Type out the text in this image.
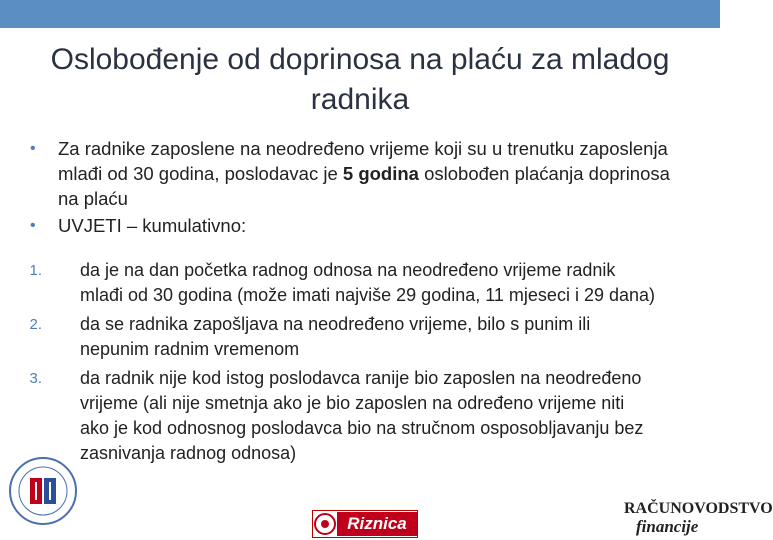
Oslobođenje od doprinosa na plaću za mladog radnika
• Za radnike zaposlene na neodređeno vrijeme koji su u trenutku zaposlenja mlađi od 30 godina, poslodavac je 5 godina oslobođen plaćanja doprinosa na plaću
• UVJETI – kumulativno:
1. da je na dan početka radnog odnosa na neodređeno vrijeme radnik mlađi od 30 godina (može imati najviše 29 godina, 11 mjeseci i 29 dana)
2. da se radnika zapošljava na neodređeno vrijeme, bilo s punim ili nepunim radnim vremenom
3. da radnik nije kod istog poslodavca ranije bio zaposlen na neodređeno vrijeme (ali nije smetnja ako je bio zaposlen na određeno vrijeme niti ako je kod odnosnog poslodavca bio na stručnom osposobljavanju bez zasnivanja radnog odnosa)
Riznica
RAČUNOVODSTVO
financije
